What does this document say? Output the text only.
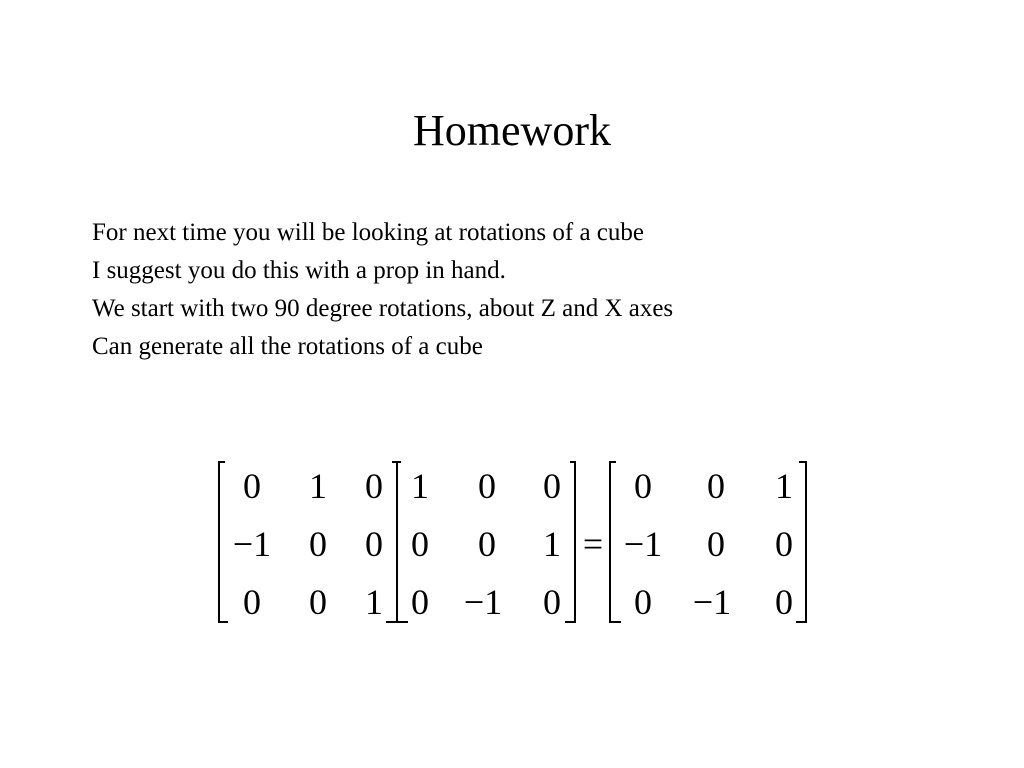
Homework
For next time you will be looking at rotations of a cube
I suggest you do this with a prop in hand.
We start with two 90 degree rotations, about Z and X axes
Can generate all the rotations of a cube
0 1 0
−1 0 0
0 0 1
1 0 0
0 0 1
0 −1 0
=
0 0 1
−1 0 0
0 −1 0
